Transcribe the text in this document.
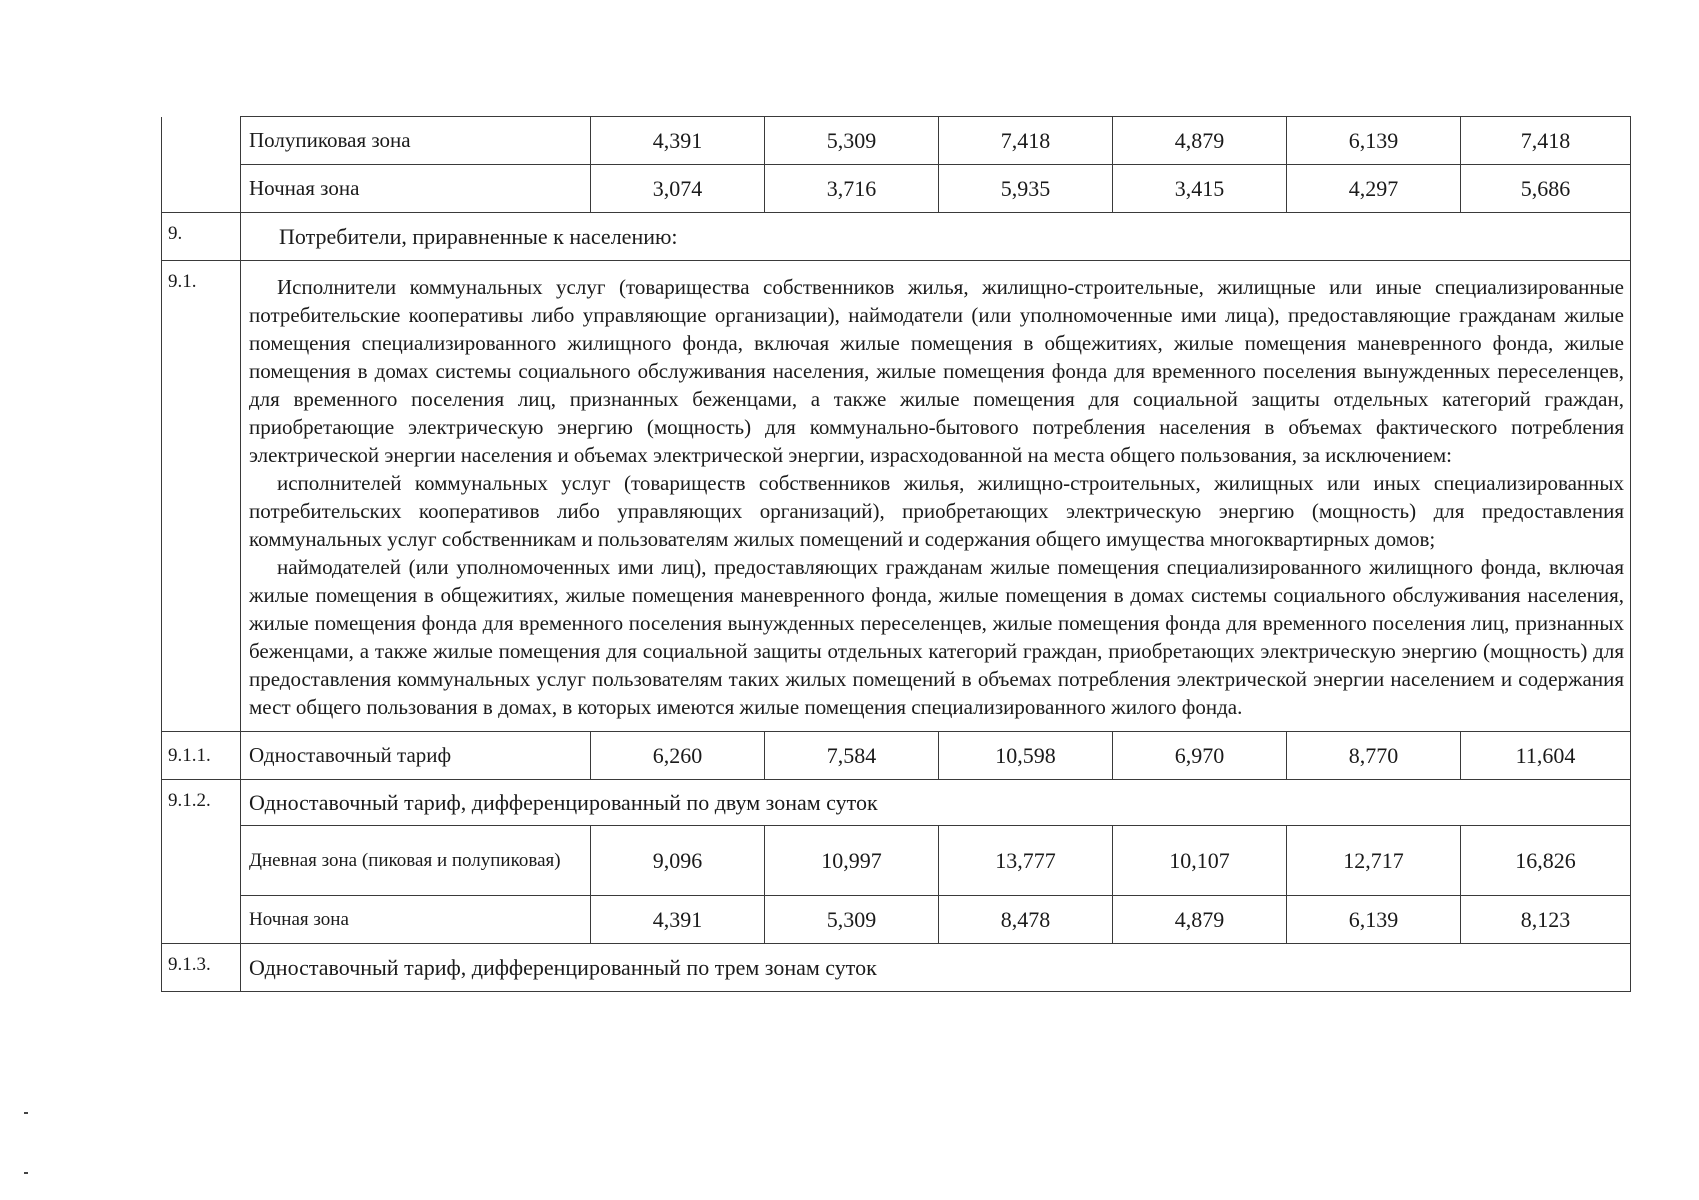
	Полупиковая зона	4,391	5,309	7,418	4,879	6,139	7,418
	Ночная зона	3,074	3,716	5,935	3,415	4,297	5,686
9.	Потребители, приравненные к населению:						
9.1.	Исполнители коммунальных услуг (товарищества собственников жилья, жилищно-строительные, жилищные или иные специализированные потребительские кооперативы либо управляющие организации), наймодатели (или уполномоченные ими лица), предоставляющие гражданам жилые помещения специализированного жилищного фонда, включая жилые помещения в общежитиях, жилые помещения маневренного фонда, жилые помещения в домах системы социального обслуживания населения, жилые помещения фонда для временного поселения вынужденных переселенцев, для временного поселения лиц, признанных беженцами, а также жилые помещения для социальной защиты отдельных категорий граждан, приобретающие электрическую энергию (мощность) для коммунально-бытового потребления населения в объемах фактического потребления электрической энергии населения и объемах электрической энергии, израсходованной на места общего пользования, за исключением:

исполнителей коммунальных услуг (товариществ собственников жилья, жилищно-строительных, жилищных или иных специализированных потребительских кооперативов либо управляющих организаций), приобретающих электрическую энергию (мощность) для предоставления коммунальных услуг собственникам и пользователям жилых помещений и содержания общего имущества многоквартирных домов;

наймодателей (или уполномоченных ими лиц), предоставляющих гражданам жилые помещения специализированного жилищного фонда, включая жилые помещения в общежитиях, жилые помещения маневренного фонда, жилые помещения в домах системы социального обслуживания населения, жилые помещения фонда для временного поселения вынужденных переселенцев, жилые помещения фонда для временного поселения лиц, признанных беженцами, а также жилые помещения для социальной защиты отдельных категорий граждан, приобретающих электрическую энергию (мощность) для предоставления коммунальных услуг пользователям таких жилых помещений в объемах потребления электрической энергии населением и содержания мест общего пользования в домах, в которых имеются жилые помещения специализированного жилого фонда.						

9.1.1.	Одноставочный тариф	6,260	7,584	10,598	6,970	8,770	11,604
9.1.2.	Одноставочный тариф, дифференцированный по двум зонам суток						
	Дневная зона (пиковая и полупиковая)	9,096	10,997	13,777	10,107	12,717	16,826
	Ночная зона	4,391	5,309	8,478	4,879	6,139	8,123
9.1.3.	Одноставочный тариф, дифференцированный по трем зонам суток						
